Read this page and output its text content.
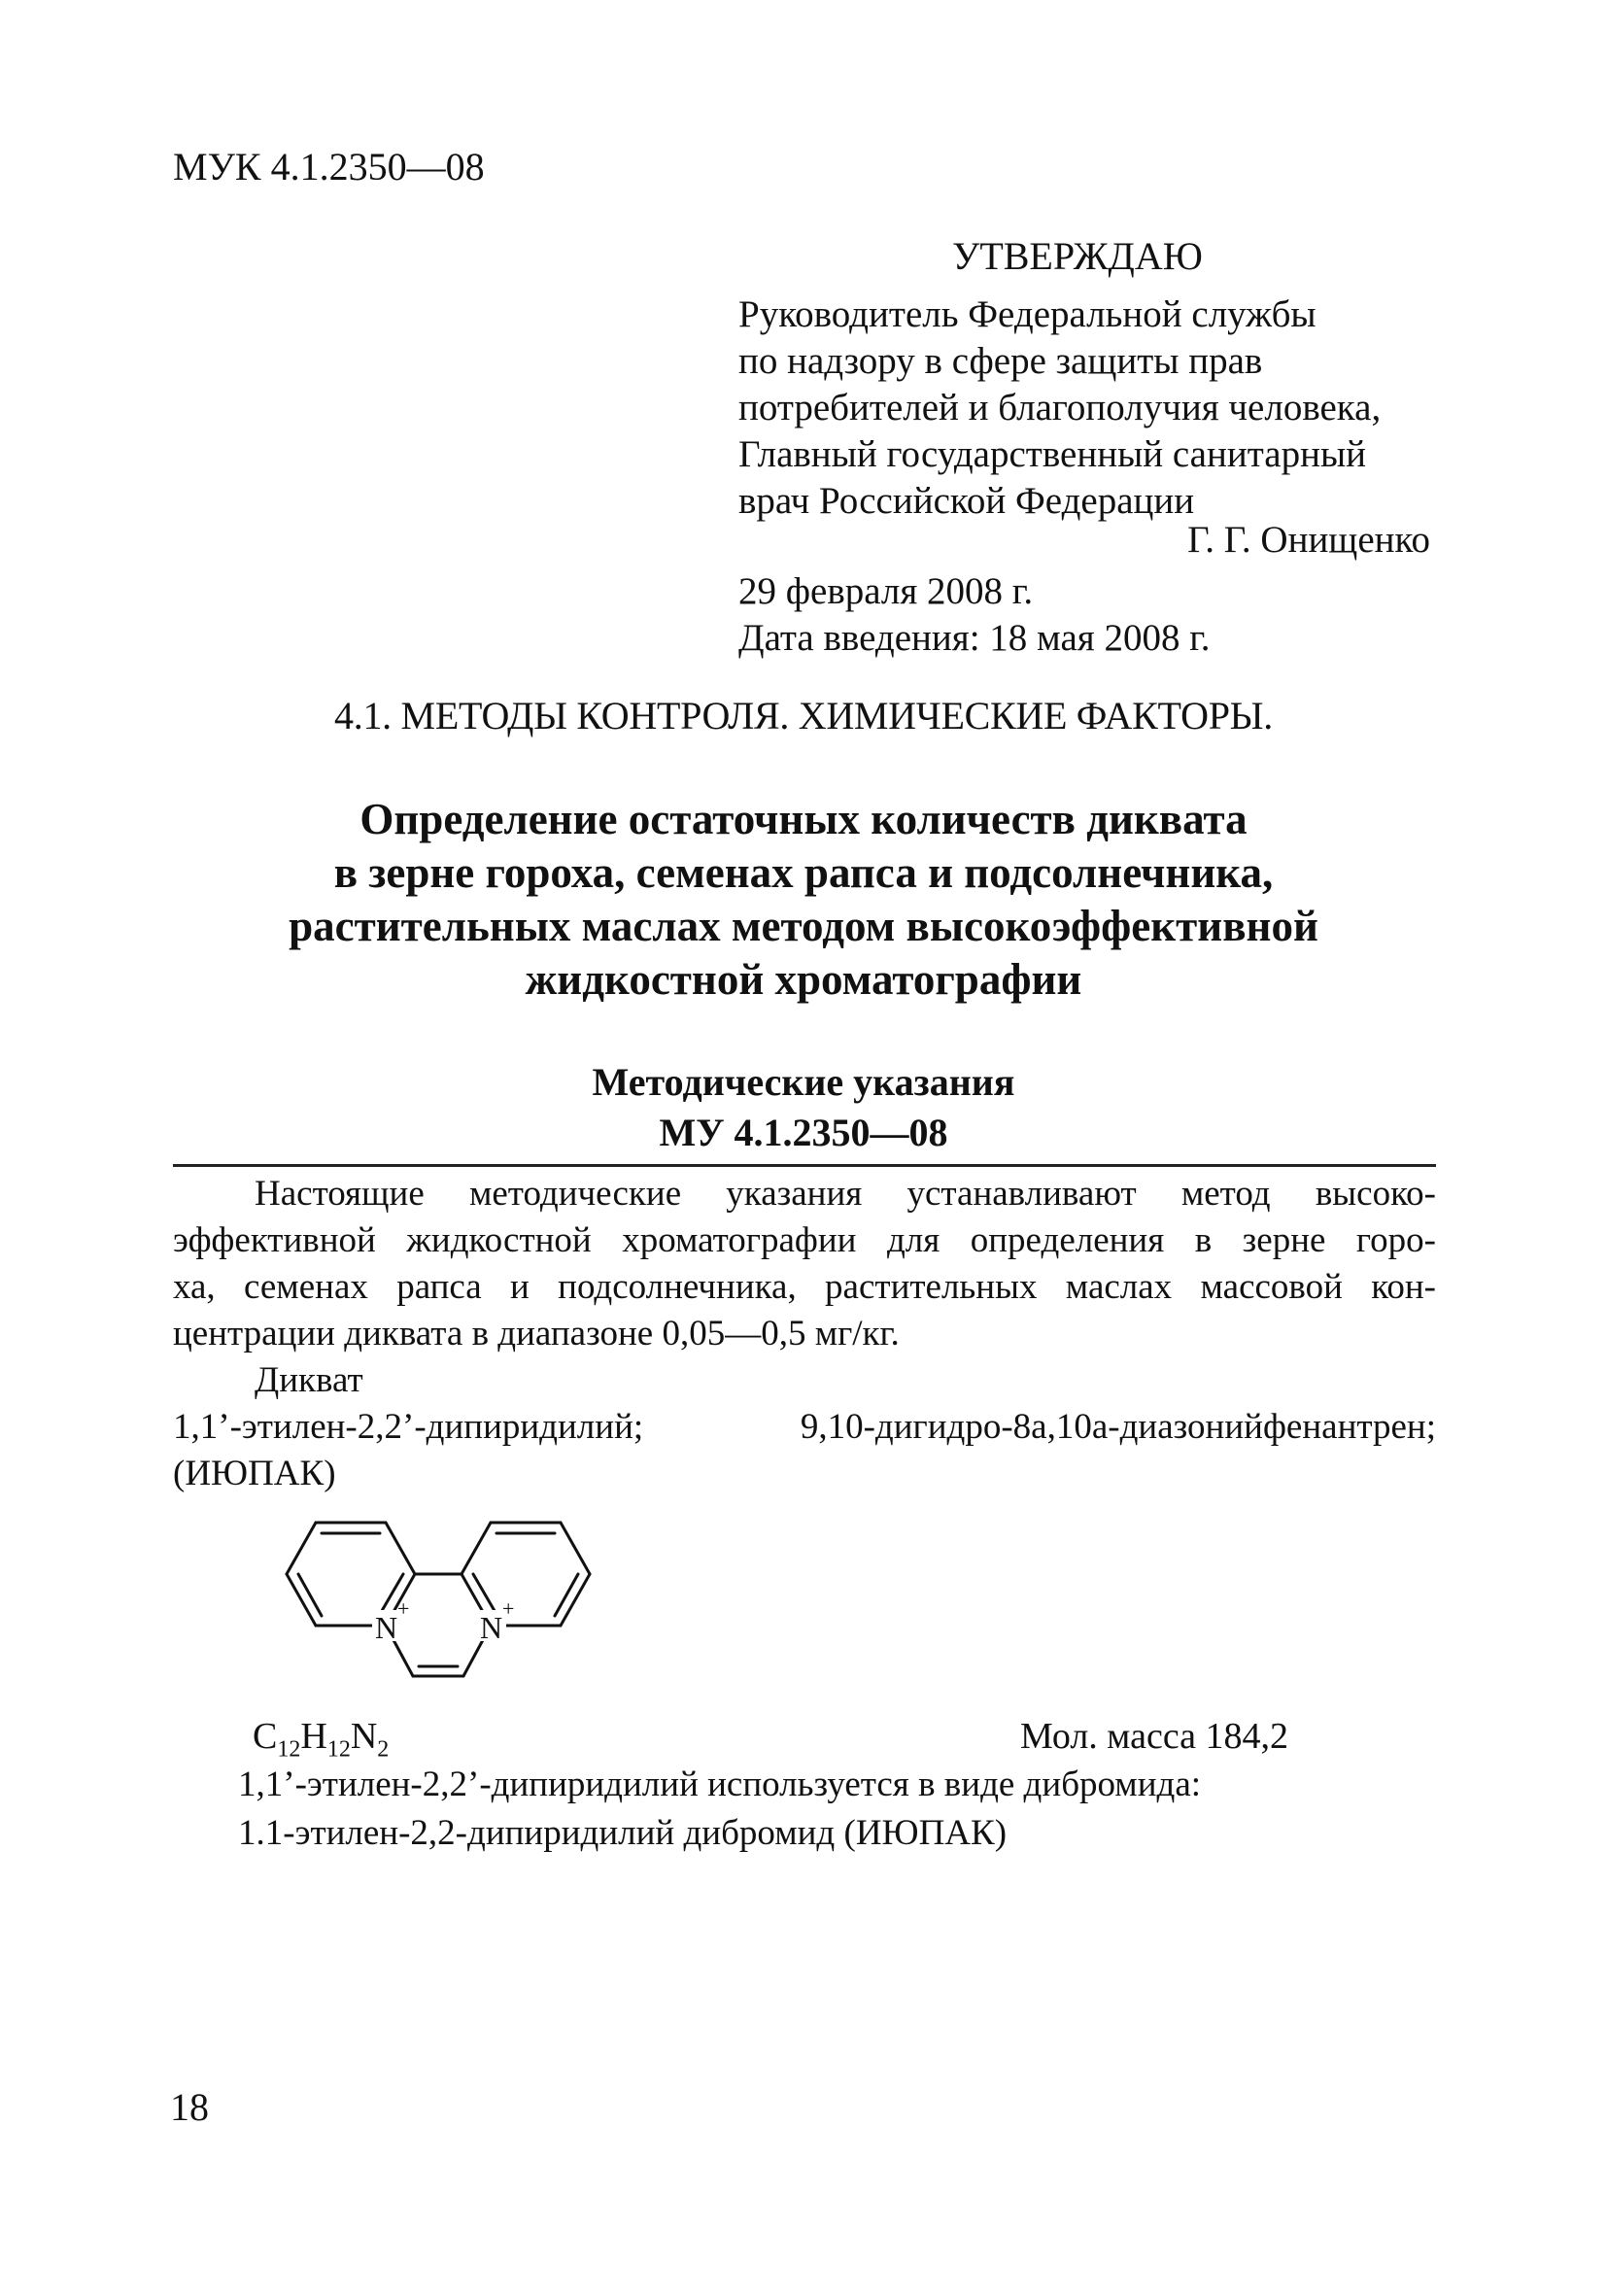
МУК 4.1.2350—08
УТВЕРЖДАЮ
Руководитель Федеральной службы
по надзору в сфере защиты прав
потребителей и благополучия человека,
Главный государственный санитарный
врач Российской Федерации
Г. Г. Онищенко
29 февраля 2008 г.
Дата введения: 18 мая 2008 г.
4.1. МЕТОДЫ КОНТРОЛЯ. ХИМИЧЕСКИЕ ФАКТОРЫ.
Определение остаточных количеств диквата
в зерне гороха, семенах рапса и подсолнечника,
растительных маслах методом высокоэффективной
жидкостной хроматографии
Методические указания
МУ 4.1.2350—08
Настоящие методические указания устанавливают метод высоко-
эффективной жидкостной хроматографии для определения в зерне горо-
ха, семенах рапса и подсолнечника, растительных маслах массовой кон-
центрации диквата в диапазоне 0,05—0,5 мг/кг.
Дикват
1,1’-этилен-2,2’-дипиридилий; 9,10-дигидро-8а,10а-диазонийфенантрен;
(ИЮПАК)
N
+
N
+
$C_{12}H_{12}N_2$	Мол. масса 184,2
1,1’-этилен-2,2’-дипиридилий используется в виде дибромида:
1.1-этилен-2,2-дипиридилий дибромид (ИЮПАК)
18
